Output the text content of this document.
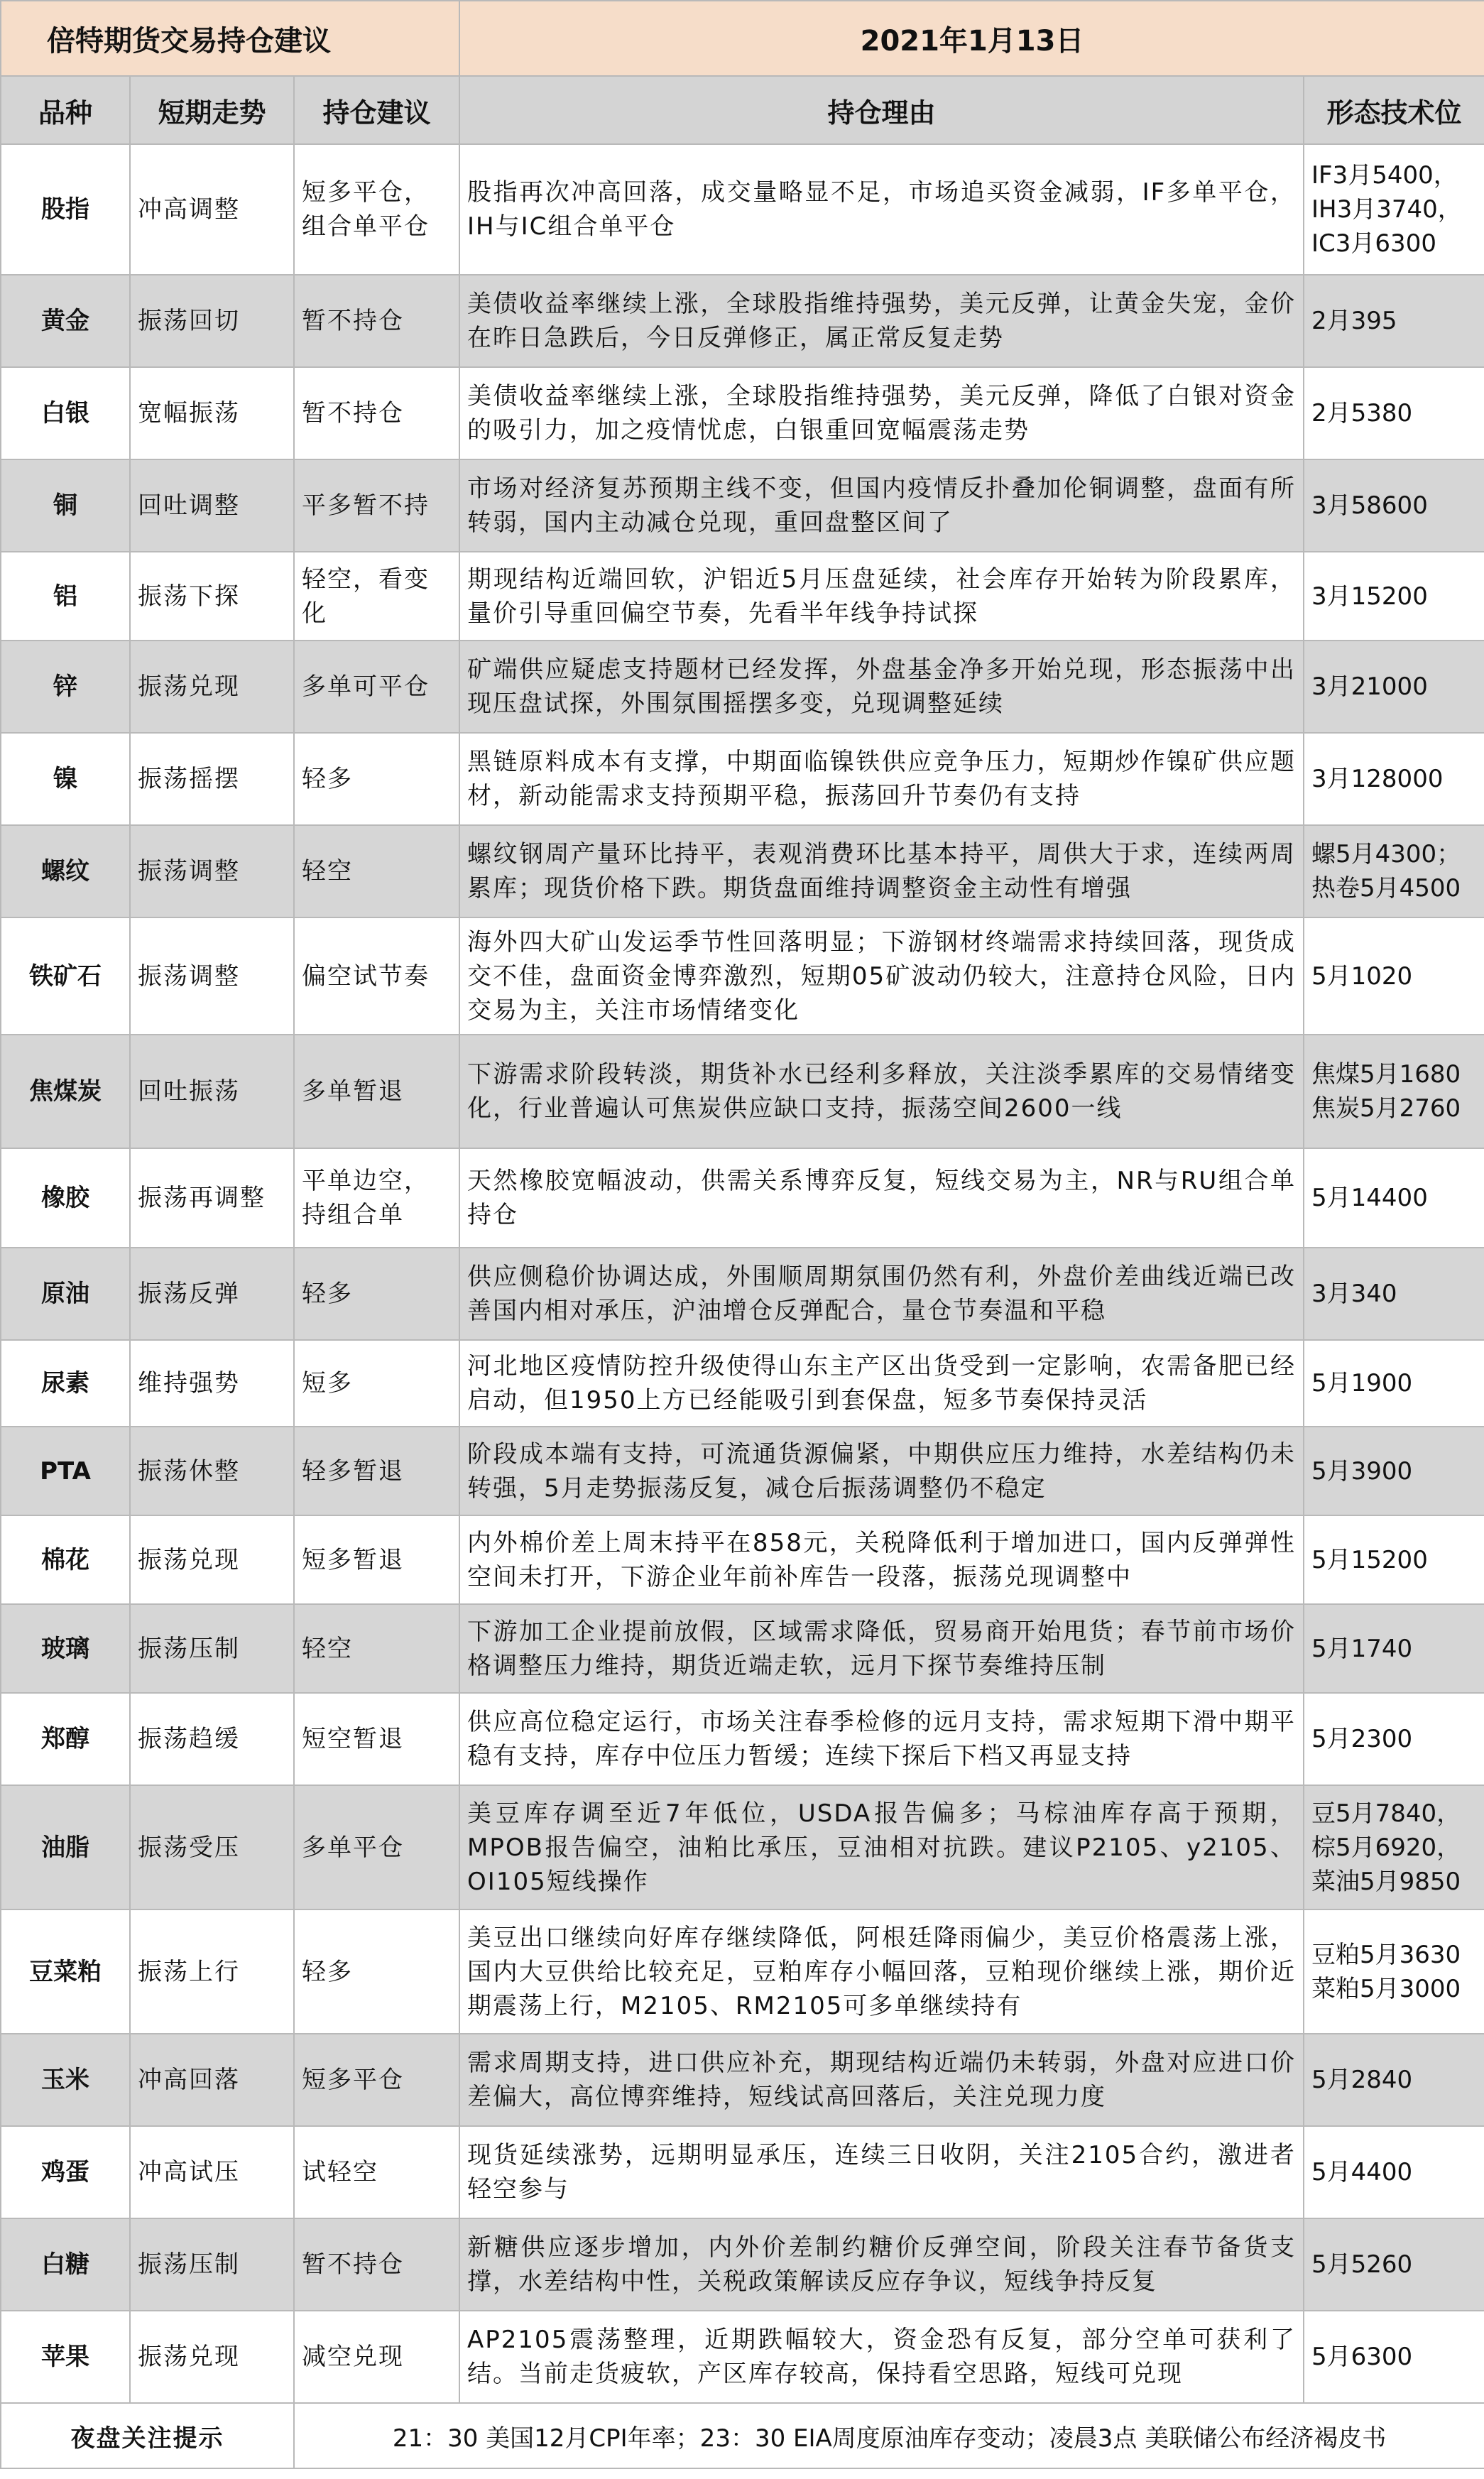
倍特期货交易持仓建议			2021年1月13日	
品种	短期走势	持仓建议	持仓理由	形态技术位
股指	冲高调整	短多平仓，组合单平仓	股指再次冲高回落，成交量略显不足，市场追买资金减弱，IF多单平仓，IH与IC组合单平仓	IF3月5400，
IH3月3740，
IC3月6300
黄金	振荡回切	暂不持仓	美债收益率继续上涨，全球股指维持强势，美元反弹，让黄金失宠，金价在昨日急跌后，今日反弹修正，属正常反复走势	2月395
白银	宽幅振荡	暂不持仓	美债收益率继续上涨，全球股指维持强势，美元反弹，降低了白银对资金的吸引力，加之疫情忧虑，白银重回宽幅震荡走势	2月5380
铜	回吐调整	平多暂不持	市场对经济复苏预期主线不变，但国内疫情反扑叠加伦铜调整，盘面有所转弱，国内主动减仓兑现，重回盘整区间了	3月58600
铝	振荡下探	轻空，看变化	期现结构近端回软，沪铝近5月压盘延续，社会库存开始转为阶段累库，量价引导重回偏空节奏，先看半年线争持试探	3月15200
锌	振荡兑现	多单可平仓	矿端供应疑虑支持题材已经发挥，外盘基金净多开始兑现，形态振荡中出现压盘试探，外围氛围摇摆多变，兑现调整延续	3月21000
镍	振荡摇摆	轻多	黑链原料成本有支撑，中期面临镍铁供应竞争压力，短期炒作镍矿供应题材，新动能需求支持预期平稳，振荡回升节奏仍有支持	3月128000
螺纹	振荡调整	轻空	螺纹钢周产量环比持平，表观消费环比基本持平，周供大于求，连续两周累库；现货价格下跌。期货盘面维持调整资金主动性有增强	螺5月4300；
热卷5月4500
铁矿石	振荡调整	偏空试节奏	海外四大矿山发运季节性回落明显；下游钢材终端需求持续回落，现货成交不佳，盘面资金博弈激烈，短期05矿波动仍较大，注意持仓风险，日内交易为主，关注市场情绪变化	5月1020
焦煤炭	回吐振荡	多单暂退	下游需求阶段转淡，期货补水已经利多释放，关注淡季累库的交易情绪变化，行业普遍认可焦炭供应缺口支持，振荡空间2600一线	焦煤5月1680
焦炭5月2760
橡胶	振荡再调整	平单边空，持组合单	天然橡胶宽幅波动，供需关系博弈反复，短线交易为主，NR与RU组合单持仓	5月14400
原油	振荡反弹	轻多	供应侧稳价协调达成，外围顺周期氛围仍然有利，外盘价差曲线近端已改善国内相对承压，沪油增仓反弹配合，量仓节奏温和平稳	3月340
尿素	维持强势	短多	河北地区疫情防控升级使得山东主产区出货受到一定影响，农需备肥已经启动，但1950上方已经能吸引到套保盘，短多节奏保持灵活	5月1900
PTA	振荡休整	轻多暂退	阶段成本端有支持，可流通货源偏紧，中期供应压力维持，水差结构仍未转强，5月走势振荡反复，减仓后振荡调整仍不稳定	5月3900
棉花	振荡兑现	短多暂退	内外棉价差上周末持平在858元，关税降低利于增加进口，国内反弹弹性空间未打开，下游企业年前补库告一段落，振荡兑现调整中	5月15200
玻璃	振荡压制	轻空	下游加工企业提前放假，区域需求降低，贸易商开始甩货；春节前市场价格调整压力维持，期货近端走软，远月下探节奏维持压制	5月1740
郑醇	振荡趋缓	短空暂退	供应高位稳定运行，市场关注春季检修的远月支持，需求短期下滑中期平稳有支持，库存中位压力暂缓；连续下探后下档又再显支持	5月2300
油脂	振荡受压	多单平仓	美豆库存调至近7年低位，USDA报告偏多；马棕油库存高于预期，MPOB报告偏空，油粕比承压，豆油相对抗跌。建议P2105、y2105、OI105短线操作	豆5月7840，
棕5月6920，
菜油5月9850
豆菜粕	振荡上行	轻多	美豆出口继续向好库存继续降低，阿根廷降雨偏少，美豆价格震荡上涨，国内大豆供给比较充足，豆粕库存小幅回落，豆粕现价继续上涨，期价近期震荡上行，M2105、RM2105可多单继续持有	豆粕5月3630
菜粕5月3000
玉米	冲高回落	短多平仓	需求周期支持，进口供应补充，期现结构近端仍未转弱，外盘对应进口价差偏大，高位博弈维持，短线试高回落后，关注兑现力度	5月2840
鸡蛋	冲高试压	试轻空	现货延续涨势，远期明显承压，连续三日收阴，关注2105合约，激进者轻空参与	5月4400
白糖	振荡压制	暂不持仓	新糖供应逐步增加，内外价差制约糖价反弹空间，阶段关注春节备货支撑，水差结构中性，关税政策解读反应存争议，短线争持反复	5月5260
苹果	振荡兑现	减空兑现	AP2105震荡整理，近期跌幅较大，资金恐有反复，部分空单可获利了结。当前走货疲软，产区库存较高，保持看空思路，短线可兑现	5月6300
夜盘关注提示		21：30 美国12月CPI年率；23：30 EIA周度原油库存变动；凌晨3点 美联储公布经济褐皮书		
